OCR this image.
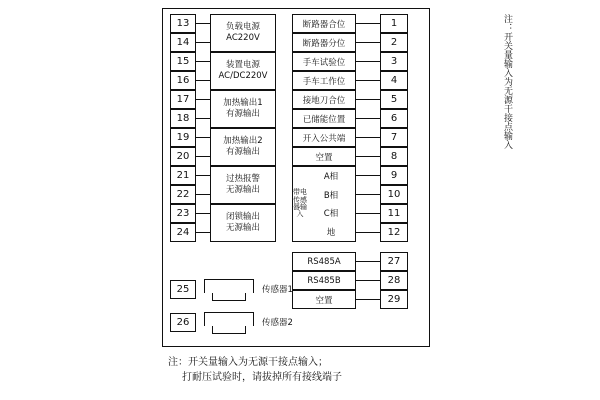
13
14
15
16
17
18
19
20
21
22
23
24
负载电源
AC220V
装置电源
AC/DC220V
加热输出1
有源输出
加热输出2
有源输出
过热报警
无源输出
闭锁输出
无源输出
断路器合位
断路器分位
手车试验位
手车工作位
接地刀合位
已储能位置
开入公共端
空置
1
2
3
4
5
6
7
8
带电传感器输入
A相
B相
C相
地
9
10
11
12
RS485A
RS485B
空置
27
28
29
注：开关量输入为无源干接点输入
25	传感器1
26	传感器2
注：开关量输入为无源干接点输入；
打耐压试验时，请拔掉所有接线端子
